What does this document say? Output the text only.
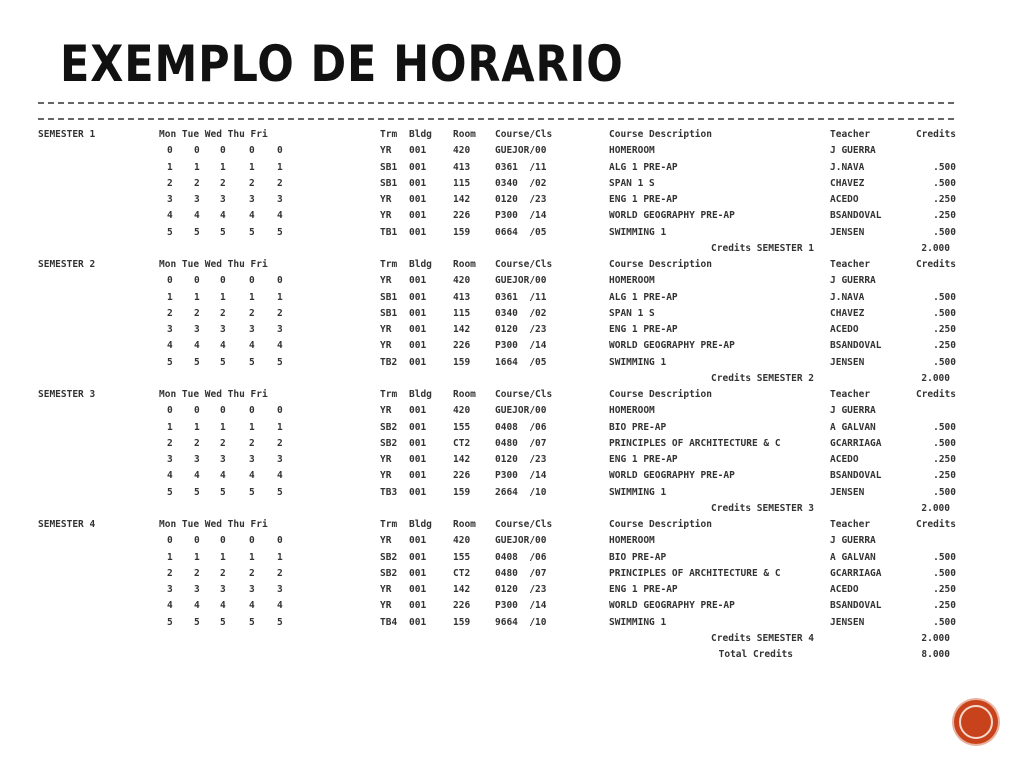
EXEMPLO DE HORARIO
SEMESTER 1	Mon Tue Wed Thu Fri	Trm Bldg Room Course/Cls	Course Description	Teacher	Credits
0 0 0 0 0	YR 001	420	GUEJOR/00	HOMEROOM	J GUERRA
1 1 1 1 1	SB1 001	413	0361  /11	ALG 1 PRE-AP	J.NAVA	.500
2 2 2 2 2	SB1 001	115	0340  /02	SPAN 1 S	CHAVEZ	.500
3 3 3 3 3	YR 001	142	0120  /23	ENG 1 PRE-AP	ACEDO	.250
4 4 4 4 4	YR 001	226	P300  /14	WORLD GEOGRAPHY PRE-AP	BSANDOVAL	.250
5 5 5 5 5	TB1 001	159	0664  /05	SWIMMING 1	JENSEN	.500
Credits SEMESTER 1	2.000
SEMESTER 2	Mon Tue Wed Thu Fri	Trm Bldg Room Course/Cls	Course Description	Teacher	Credits
0 0 0 0 0	YR 001	420	GUEJOR/00	HOMEROOM	J GUERRA
1 1 1 1 1	SB1 001	413	0361  /11	ALG 1 PRE-AP	J.NAVA	.500
2 2 2 2 2	SB1 001	115	0340  /02	SPAN 1 S	CHAVEZ	.500
3 3 3 3 3	YR 001	142	0120  /23	ENG 1 PRE-AP	ACEDO	.250
4 4 4 4 4	YR 001	226	P300  /14	WORLD GEOGRAPHY PRE-AP	BSANDOVAL	.250
5 5 5 5 5	TB2 001	159	1664  /05	SWIMMING 1	JENSEN	.500
Credits SEMESTER 2	2.000
SEMESTER 3	Mon Tue Wed Thu Fri	Trm Bldg Room Course/Cls	Course Description	Teacher	Credits
0 0 0 0 0	YR 001	420	GUEJOR/00	HOMEROOM	J GUERRA
1 1 1 1 1	SB2 001	155	0408  /06	BIO PRE-AP	A GALVAN	.500
2 2 2 2 2	SB2 001	CT2	0480  /07	PRINCIPLES OF ARCHITECTURE & C	GCARRIAGA	.500
3 3 3 3 3	YR 001	142	0120  /23	ENG 1 PRE-AP	ACEDO	.250
4 4 4 4 4	YR 001	226	P300  /14	WORLD GEOGRAPHY PRE-AP	BSANDOVAL	.250
5 5 5 5 5	TB3 001	159	2664  /10	SWIMMING 1	JENSEN	.500
Credits SEMESTER 3	2.000
SEMESTER 4	Mon Tue Wed Thu Fri	Trm Bldg Room Course/Cls	Course Description	Teacher	Credits
0 0 0 0 0	YR 001	420	GUEJOR/00	HOMEROOM	J GUERRA
1 1 1 1 1	SB2 001	155	0408  /06	BIO PRE-AP	A GALVAN	.500
2 2 2 2 2	SB2 001	CT2	0480  /07	PRINCIPLES OF ARCHITECTURE & C	GCARRIAGA	.500
3 3 3 3 3	YR 001	142	0120  /23	ENG 1 PRE-AP	ACEDO	.250
4 4 4 4 4	YR 001	226	P300  /14	WORLD GEOGRAPHY PRE-AP	BSANDOVAL	.250
5 5 5 5 5	TB4 001	159	9664  /10	SWIMMING 1	JENSEN	.500
Credits SEMESTER 4	2.000
Total Credits	8.000
